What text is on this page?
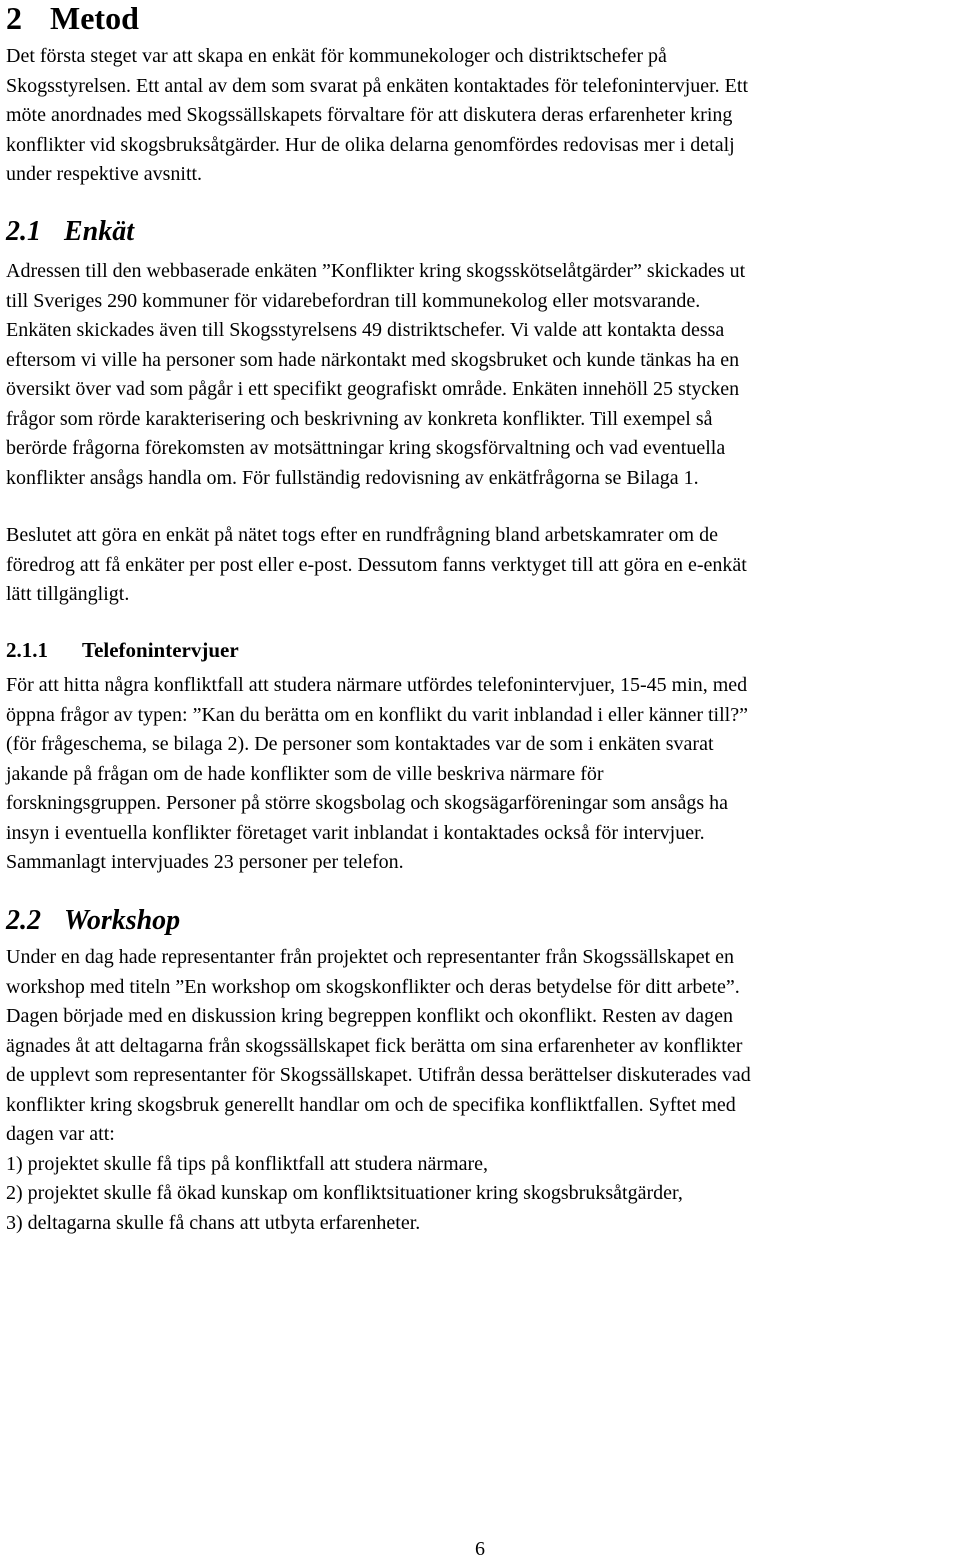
2 Metod
Det första steget var att skapa en enkät för kommunekologer och distriktschefer på
Skogsstyrelsen. Ett antal av dem som svarat på enkäten kontaktades för telefonintervjuer. Ett
möte anordnades med Skogssällskapets förvaltare för att diskutera deras erfarenheter kring
konflikter vid skogsbruksåtgärder. Hur de olika delarna genomfördes redovisas mer i detalj
under respektive avsnitt.
2.1 Enkät
Adressen till den webbaserade enkäten ”Konflikter kring skogsskötselåtgärder” skickades ut
till Sveriges 290 kommuner för vidarebefordran till kommunekolog eller motsvarande.
Enkäten skickades även till Skogsstyrelsens 49 distriktschefer. Vi valde att kontakta dessa
eftersom vi ville ha personer som hade närkontakt med skogsbruket och kunde tänkas ha en
översikt över vad som pågår i ett specifikt geografiskt område. Enkäten innehöll 25 stycken
frågor som rörde karakterisering och beskrivning av konkreta konflikter. Till exempel så
berörde frågorna förekomsten av motsättningar kring skogsförvaltning och vad eventuella
konflikter ansågs handla om. För fullständig redovisning av enkätfrågorna se Bilaga 1.
Beslutet att göra en enkät på nätet togs efter en rundfrågning bland arbetskamrater om de
föredrog att få enkäter per post eller e-post. Dessutom fanns verktyget till att göra en e-enkät
lätt tillgängligt.
2.1.1 Telefonintervjuer
För att hitta några konfliktfall att studera närmare utfördes telefonintervjuer, 15-45 min, med
öppna frågor av typen: ”Kan du berätta om en konflikt du varit inblandad i eller känner till?”
(för frågeschema, se bilaga 2). De personer som kontaktades var de som i enkäten svarat
jakande på frågan om de hade konflikter som de ville beskriva närmare för
forskningsgruppen. Personer på större skogsbolag och skogsägarföreningar som ansågs ha
insyn i eventuella konflikter företaget varit inblandat i kontaktades också för intervjuer.
Sammanlagt intervjuades 23 personer per telefon.
2.2 Workshop
Under en dag hade representanter från projektet och representanter från Skogssällskapet en
workshop med titeln ”En workshop om skogskonflikter och deras betydelse för ditt arbete”.
Dagen började med en diskussion kring begreppen konflikt och okonflikt. Resten av dagen
ägnades åt att deltagarna från skogssällskapet fick berätta om sina erfarenheter av konflikter
de upplevt som representanter för Skogssällskapet. Utifrån dessa berättelser diskuterades vad
konflikter kring skogsbruk generellt handlar om och de specifika konfliktfallen. Syftet med
dagen var att:
1) projektet skulle få tips på konfliktfall att studera närmare,
2) projektet skulle få ökad kunskap om konfliktsituationer kring skogsbruksåtgärder,
3) deltagarna skulle få chans att utbyta erfarenheter.
6
